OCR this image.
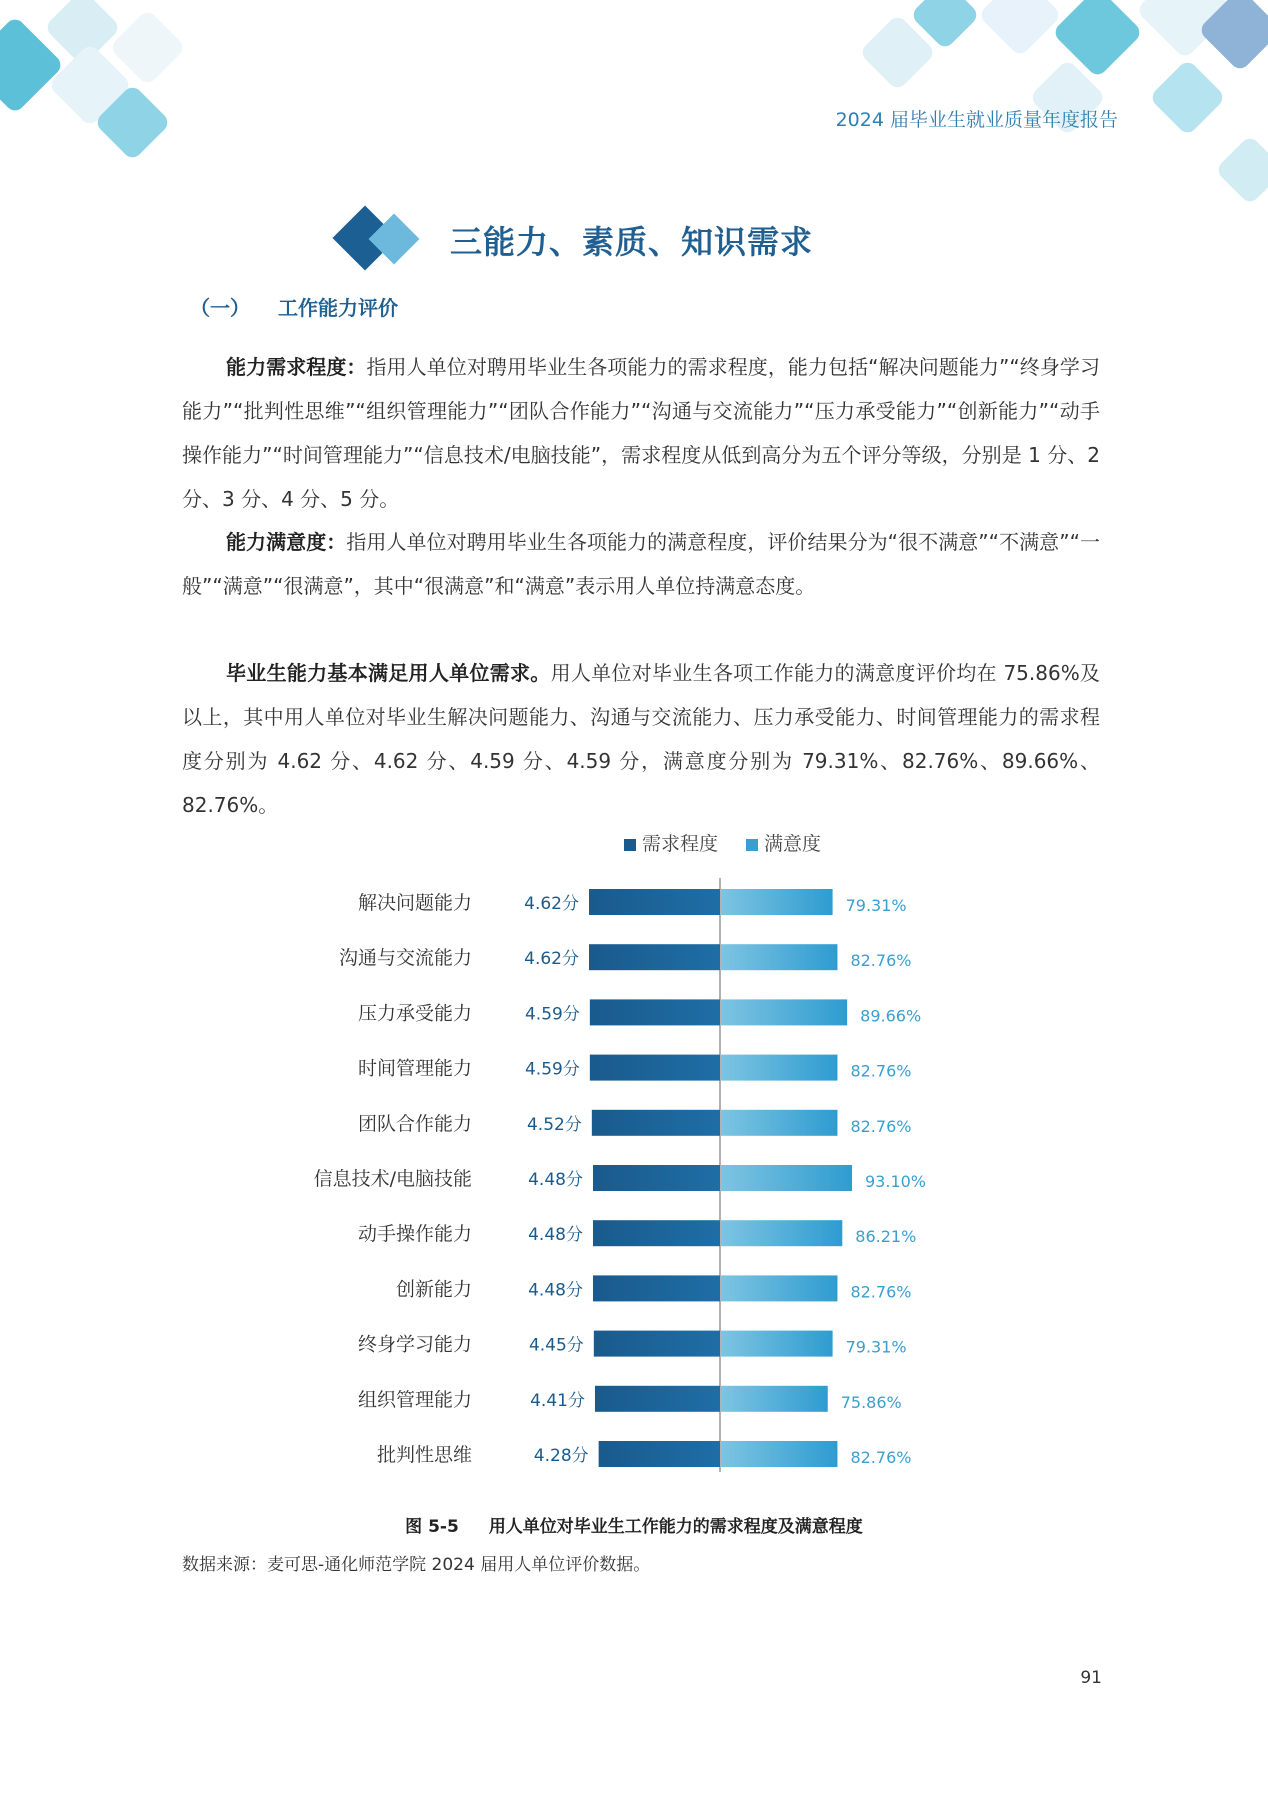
2024 届毕业生就业质量年度报告
三能力、素质、知识需求
（一） 工作能力评价

能力需求程度：指用人单位对聘用毕业生各项能力的需求程度，能力包括“解决问题能力”“终身学习能力”“批判性思维”“组织管理能力”“团队合作能力”“沟通与交流能力”“压力承受能力”“创新能力”“动手操作能力”“时间管理能力”“信息技术/电脑技能”，需求程度从低到高分为五个评分等级，分别是 1 分、2 分、3 分、4 分、5 分。

能力满意度：指用人单位对聘用毕业生各项能力的满意程度，评价结果分为“很不满意”“不满意”“一般”“满意”“很满意”，其中“很满意”和“满意”表示用人单位持满意态度。

毕业生能力基本满足用人单位需求。用人单位对毕业生各项工作能力的满意度评价均在 75.86%及以上，其中用人单位对毕业生解决问题能力、沟通与交流能力、压力承受能力、时间管理能力的需求程度分别为 4.62 分、4.62 分、4.59 分、4.59 分，满意度分别为 79.31%、82.76%、89.66%、82.76%。

需求程度 满意度
解决问题能力	4.62分	79.31%
沟通与交流能力	4.62分	82.76%
压力承受能力	4.59分	89.66%
时间管理能力	4.59分	82.76%
团队合作能力	4.52分	82.76%
信息技术/电脑技能	4.48分	93.10%
动手操作能力	4.48分	86.21%
创新能力	4.48分	82.76%
终身学习能力	4.45分	79.31%
组织管理能力	4.41分	75.86%
批判性思维	4.28分	82.76%
图 5-5 用人单位对毕业生工作能力的需求程度及满意程度
数据来源：麦可思-通化师范学院 2024 届用人单位评价数据。
91
